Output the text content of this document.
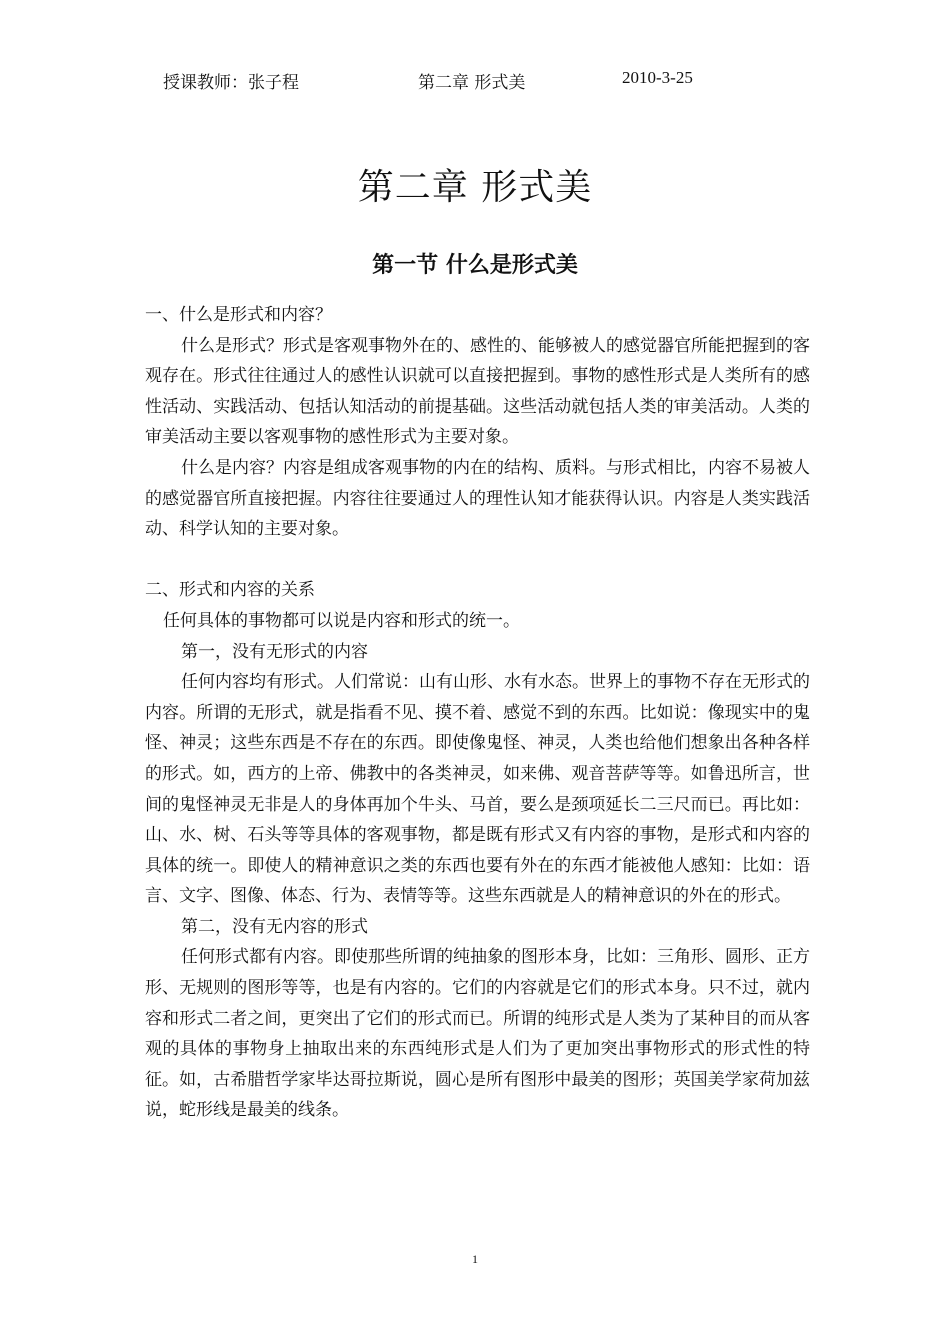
授课教师：张子程	第二章 形式美	2010-3-25
第二章 形式美
第一节 什么是形式美

一、什么是形式和内容？

什么是形式？形式是客观事物外在的、感性的、能够被人的感觉器官所能把握到的客观存在。形式往往通过人的感性认识就可以直接把握到。事物的感性形式是人类所有的感性活动、实践活动、包括认知活动的前提基础。这些活动就包括人类的审美活动。人类的审美活动主要以客观事物的感性形式为主要对象。

什么是内容？内容是组成客观事物的内在的结构、质料。与形式相比，内容不易被人的感觉器官所直接把握。内容往往要通过人的理性认知才能获得认识。内容是人类实践活动、科学认知的主要对象。

二、形式和内容的关系

任何具体的事物都可以说是内容和形式的统一。

第一，没有无形式的内容

任何内容均有形式。人们常说：山有山形、水有水态。世界上的事物不存在无形式的内容。所谓的无形式，就是指看不见、摸不着、感觉不到的东西。比如说：像现实中的鬼怪、神灵；这些东西是不存在的东西。即使像鬼怪、神灵，人类也给他们想象出各种各样的形式。如，西方的上帝、佛教中的各类神灵，如来佛、观音菩萨等等。如鲁迅所言，世间的鬼怪神灵无非是人的身体再加个牛头、马首，要么是颈项延长二三尺而已。再比如：山、水、树、石头等等具体的客观事物，都是既有形式又有内容的事物，是形式和内容的具体的统一。即使人的精神意识之类的东西也要有外在的东西才能被他人感知：比如：语言、文字、图像、体态、行为、表情等等。这些东西就是人的精神意识的外在的形式。

第二，没有无内容的形式

任何形式都有内容。即使那些所谓的纯抽象的图形本身，比如：三角形、圆形、正方形、无规则的图形等等，也是有内容的。它们的内容就是它们的形式本身。只不过，就内容和形式二者之间，更突出了它们的形式而已。所谓的纯形式是人类为了某种目的而从客观的具体的事物身上抽取出来的东西纯形式是人们为了更加突出事物形式的形式性的特征。如，古希腊哲学家毕达哥拉斯说，圆心是所有图形中最美的图形；英国美学家荷加兹说，蛇形线是最美的线条。

1
